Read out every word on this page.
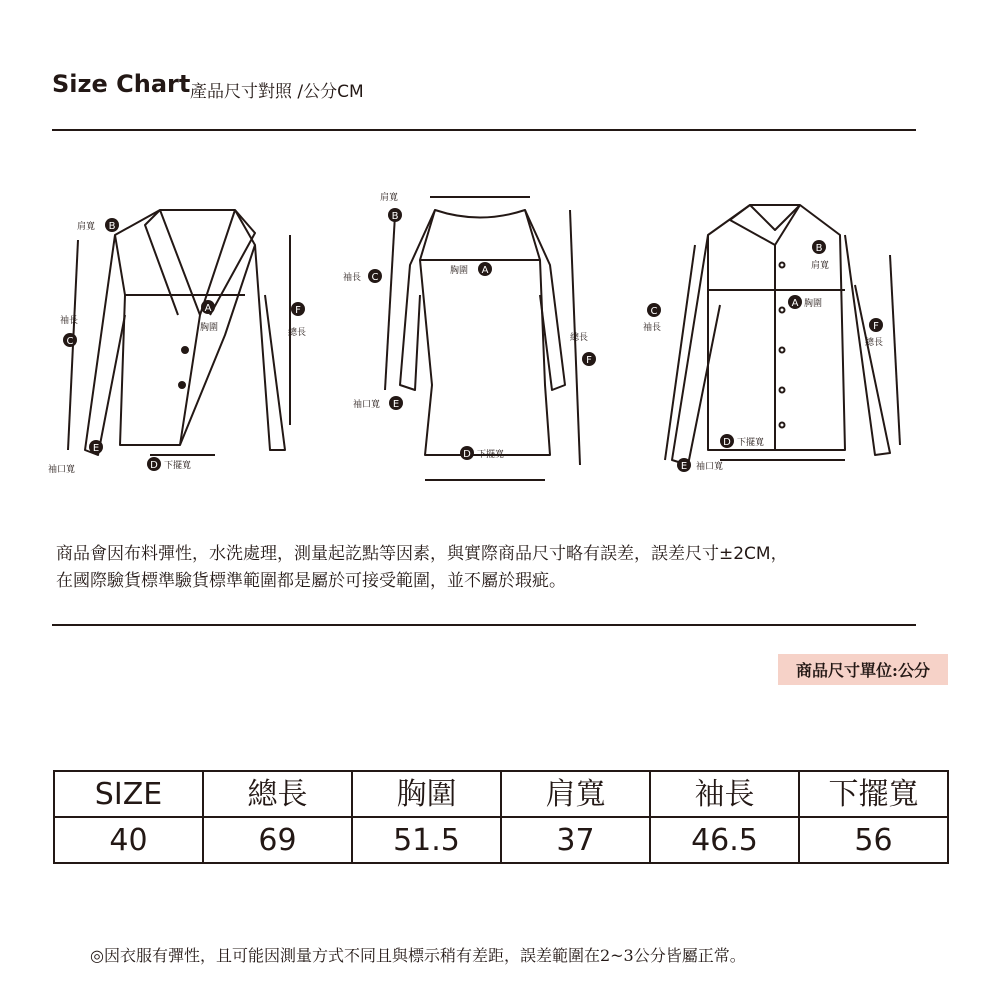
Size Chart 產品尺寸對照 /公分CM
B
肩寬
A
胸圍
F
總長
袖長
C
E
袖口寬	D 下擺寬
肩寬
B
胸圍 A
袖長 C
袖口寬 E
總長
F
D 下擺寬
B
肩寬
A 胸圍
C
袖長	F
總長
D 下擺寬
E 袖口寬
商品會因布料彈性，水洗處理，測量起訖點等因素，與實際商品尺寸略有誤差，誤差尺寸±2CM，
在國際驗貨標準驗貨標準範圍都是屬於可接受範圍，並不屬於瑕疵。
商品尺寸單位:公分
SIZE	總長	胸圍	肩寬	袖長	下擺寬
40	69	51.5	37	46.5	56
◎因衣服有彈性，且可能因測量方式不同且與標示稍有差距，誤差範圍在2~3公分皆屬正常。
